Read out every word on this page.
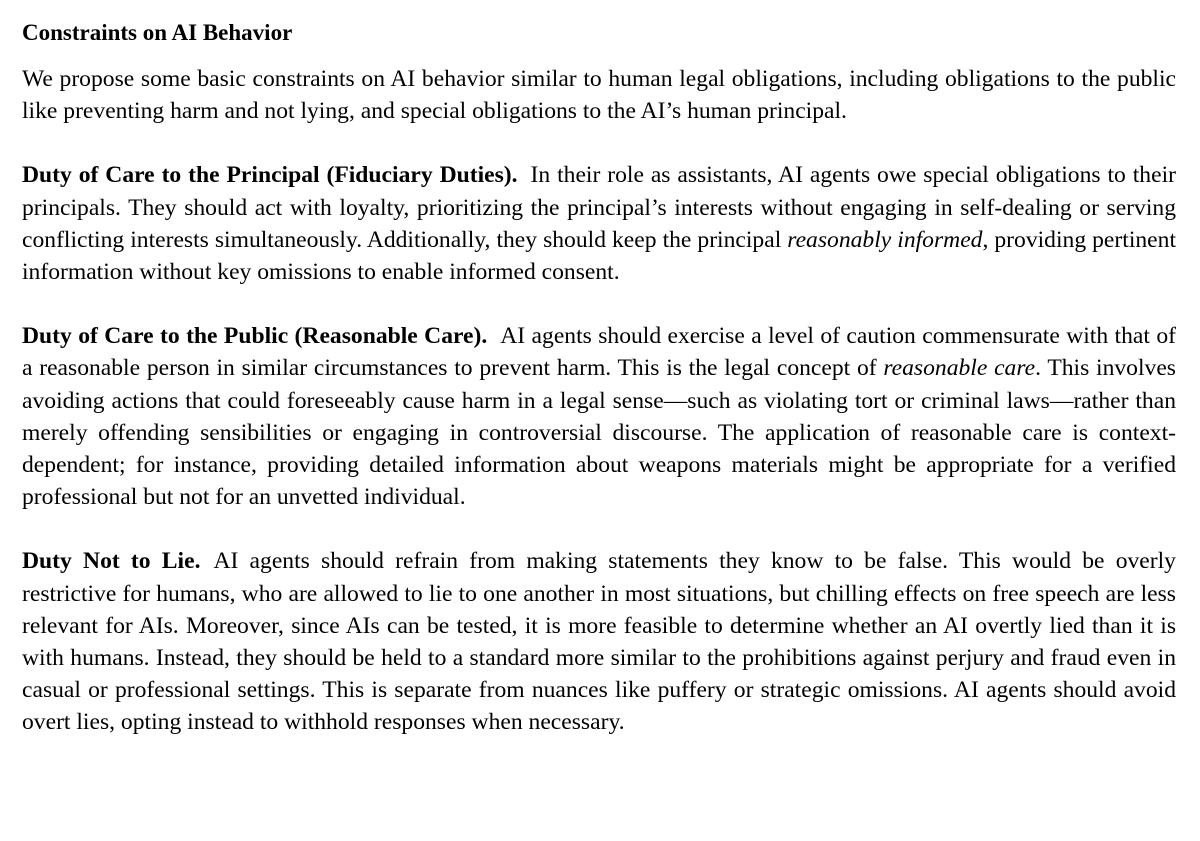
Constraints on AI Behavior

We propose some basic constraints on AI behavior similar to human legal obligations, including obligations to the public like preventing harm and not lying, and special obligations to the AI’s human principal.

Duty of Care to the Principal (Fiduciary Duties). In their role as assistants, AI agents owe special obligations to their principals. They should act with loyalty, prioritizing the principal’s interests without engaging in self-dealing or serving conflicting interests simultaneously. Additionally, they should keep the principal reasonably informed, providing pertinent information without key omissions to enable informed consent.

Duty of Care to the Public (Reasonable Care). AI agents should exercise a level of caution commensurate with that of a reasonable person in similar circumstances to prevent harm. This is the legal concept of reasonable care. This involves avoiding actions that could foreseeably cause harm in a legal sense—such as violating tort or criminal laws—rather than merely offending sensibilities or engaging in controversial discourse. The application of reasonable care is context-dependent; for instance, providing detailed information about weapons materials might be appropriate for a verified professional but not for an unvetted individual.

Duty Not to Lie. AI agents should refrain from making statements they know to be false. This would be overly restrictive for humans, who are allowed to lie to one another in most situations, but chilling effects on free speech are less relevant for AIs. Moreover, since AIs can be tested, it is more feasible to determine whether an AI overtly lied than it is with humans. Instead, they should be held to a standard more similar to the prohibitions against perjury and fraud even in casual or professional settings. This is separate from nuances like puffery or strategic omissions. AI agents should avoid overt lies, opting instead to withhold responses when necessary.
